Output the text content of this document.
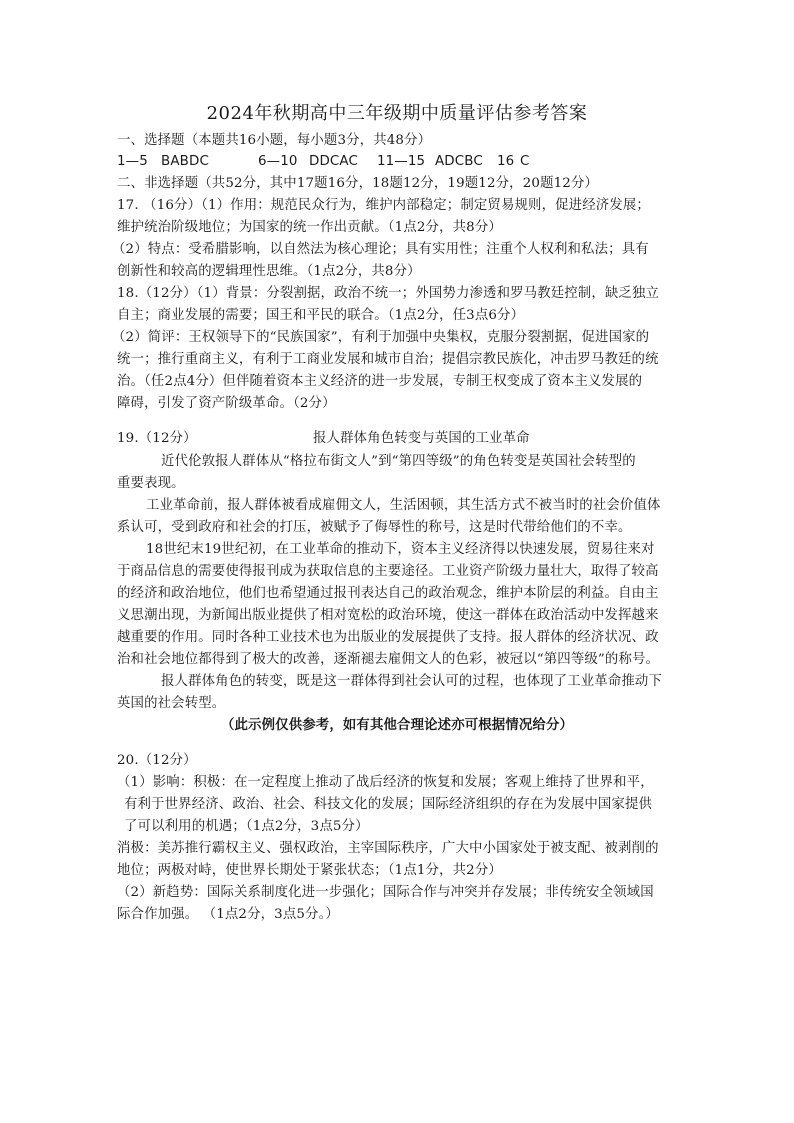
2024年秋期高中三年级期中质量评估参考答案
一、选择题（本题共16小题，每小题3分，共48分）
1—5 BABDC	6—10 DDCAC 11—15 ADCBC 16 C
二、非选择题（共52分，其中17题16分，18题12分，19题12分，20题12分）
17. （16分）（1）作用：规范民众行为，维护内部稳定；制定贸易规则，促进经济发展；
维护统治阶级地位；为国家的统一作出贡献。（1点2分，共8分）
（2）特点：受希腊影响，以自然法为核心理论；具有实用性；注重个人权利和私法；具有
创新性和较高的逻辑理性思维。（1点2分，共8分）
18.（12分）（1）背景：分裂割据，政治不统一；外国势力渗透和罗马教廷控制，缺乏独立
自主；商业发展的需要；国王和平民的联合。（1点2分，任3点6分）
（2）简评：王权领导下的“民族国家”，有利于加强中央集权，克服分裂割据，促进国家的
统一；推行重商主义，有利于工商业发展和城市自治；提倡宗教民族化，冲击罗马教廷的统
治。（任2点4分）但伴随着资本主义经济的进一步发展，专制王权变成了资本主义发展的
障碍，引发了资产阶级革命。（2分）
19.（12分）	报人群体角色转变与英国的工业革命
近代伦敦报人群体从“格拉布街文人”到“第四等级”的角色转变是英国社会转型的
重要表现。
工业革命前，报人群体被看成雇佣文人，生活困顿，其生活方式不被当时的社会价值体
系认可，受到政府和社会的打压，被赋予了侮辱性的称号，这是时代带给他们的不幸。
18世纪末19世纪初，在工业革命的推动下，资本主义经济得以快速发展，贸易往来对
于商品信息的需要使得报刊成为获取信息的主要途径。工业资产阶级力量壮大，取得了较高
的经济和政治地位，他们也希望通过报刊表达自己的政治观念，维护本阶层的利益。自由主
义思潮出现，为新闻出版业提供了相对宽松的政治环境，使这一群体在政治活动中发挥越来
越重要的作用。同时各种工业技术也为出版业的发展提供了支持。报人群体的经济状况、政
治和社会地位都得到了极大的改善，逐渐褪去雇佣文人的色彩，被冠以“第四等级”的称号。
报人群体角色的转变，既是这一群体得到社会认可的过程，也体现了工业革命推动下
英国的社会转型。
（此示例仅供参考，如有其他合理论述亦可根据情况给分）
20.（12分）
（1）影响：积极：在一定程度上推动了战后经济的恢复和发展；客观上维持了世界和平，
有利于世界经济、政治、社会、科技文化的发展；国际经济组织的存在为发展中国家提供
了可以利用的机遇；（1点2分，3点5分）
消极：美苏推行霸权主义、强权政治，主宰国际秩序，广大中小国家处于被支配、被剥削的
地位；两极对峙，使世界长期处于紧张状态；（1点1分，共2分）
（2）新趋势：国际关系制度化进一步强化；国际合作与冲突并存发展；非传统安全领域国
际合作加强。 （1点2分，3点5分。）
